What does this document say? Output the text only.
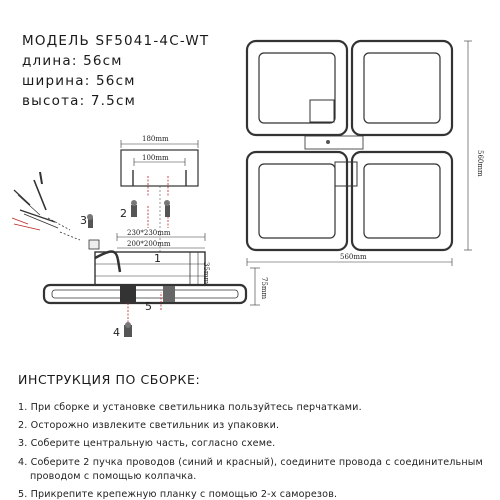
МОДЕЛЬ SF5041-4C-WT
длина: 56см
ширина: 56см
высота: 7.5см
560mm
560mm
180mm
100mm
230*230mm
200*200mm
35mm
75mm
1
2
3
4
5
ИНСТРУКЦИЯ ПО СБОРКЕ:
1. При сборке и установке светильника пользуйтесь перчатками.
2. Осторожно извлеките светильник из упаковки.
3. Соберите центральную часть, согласно схеме.
4. Соберите 2 пучка проводов (синий и красный), соедините провода с соединительным
проводом с помощью колпачка.
5. Прикрепите крепежную планку с помощью 2-х саморезов.
